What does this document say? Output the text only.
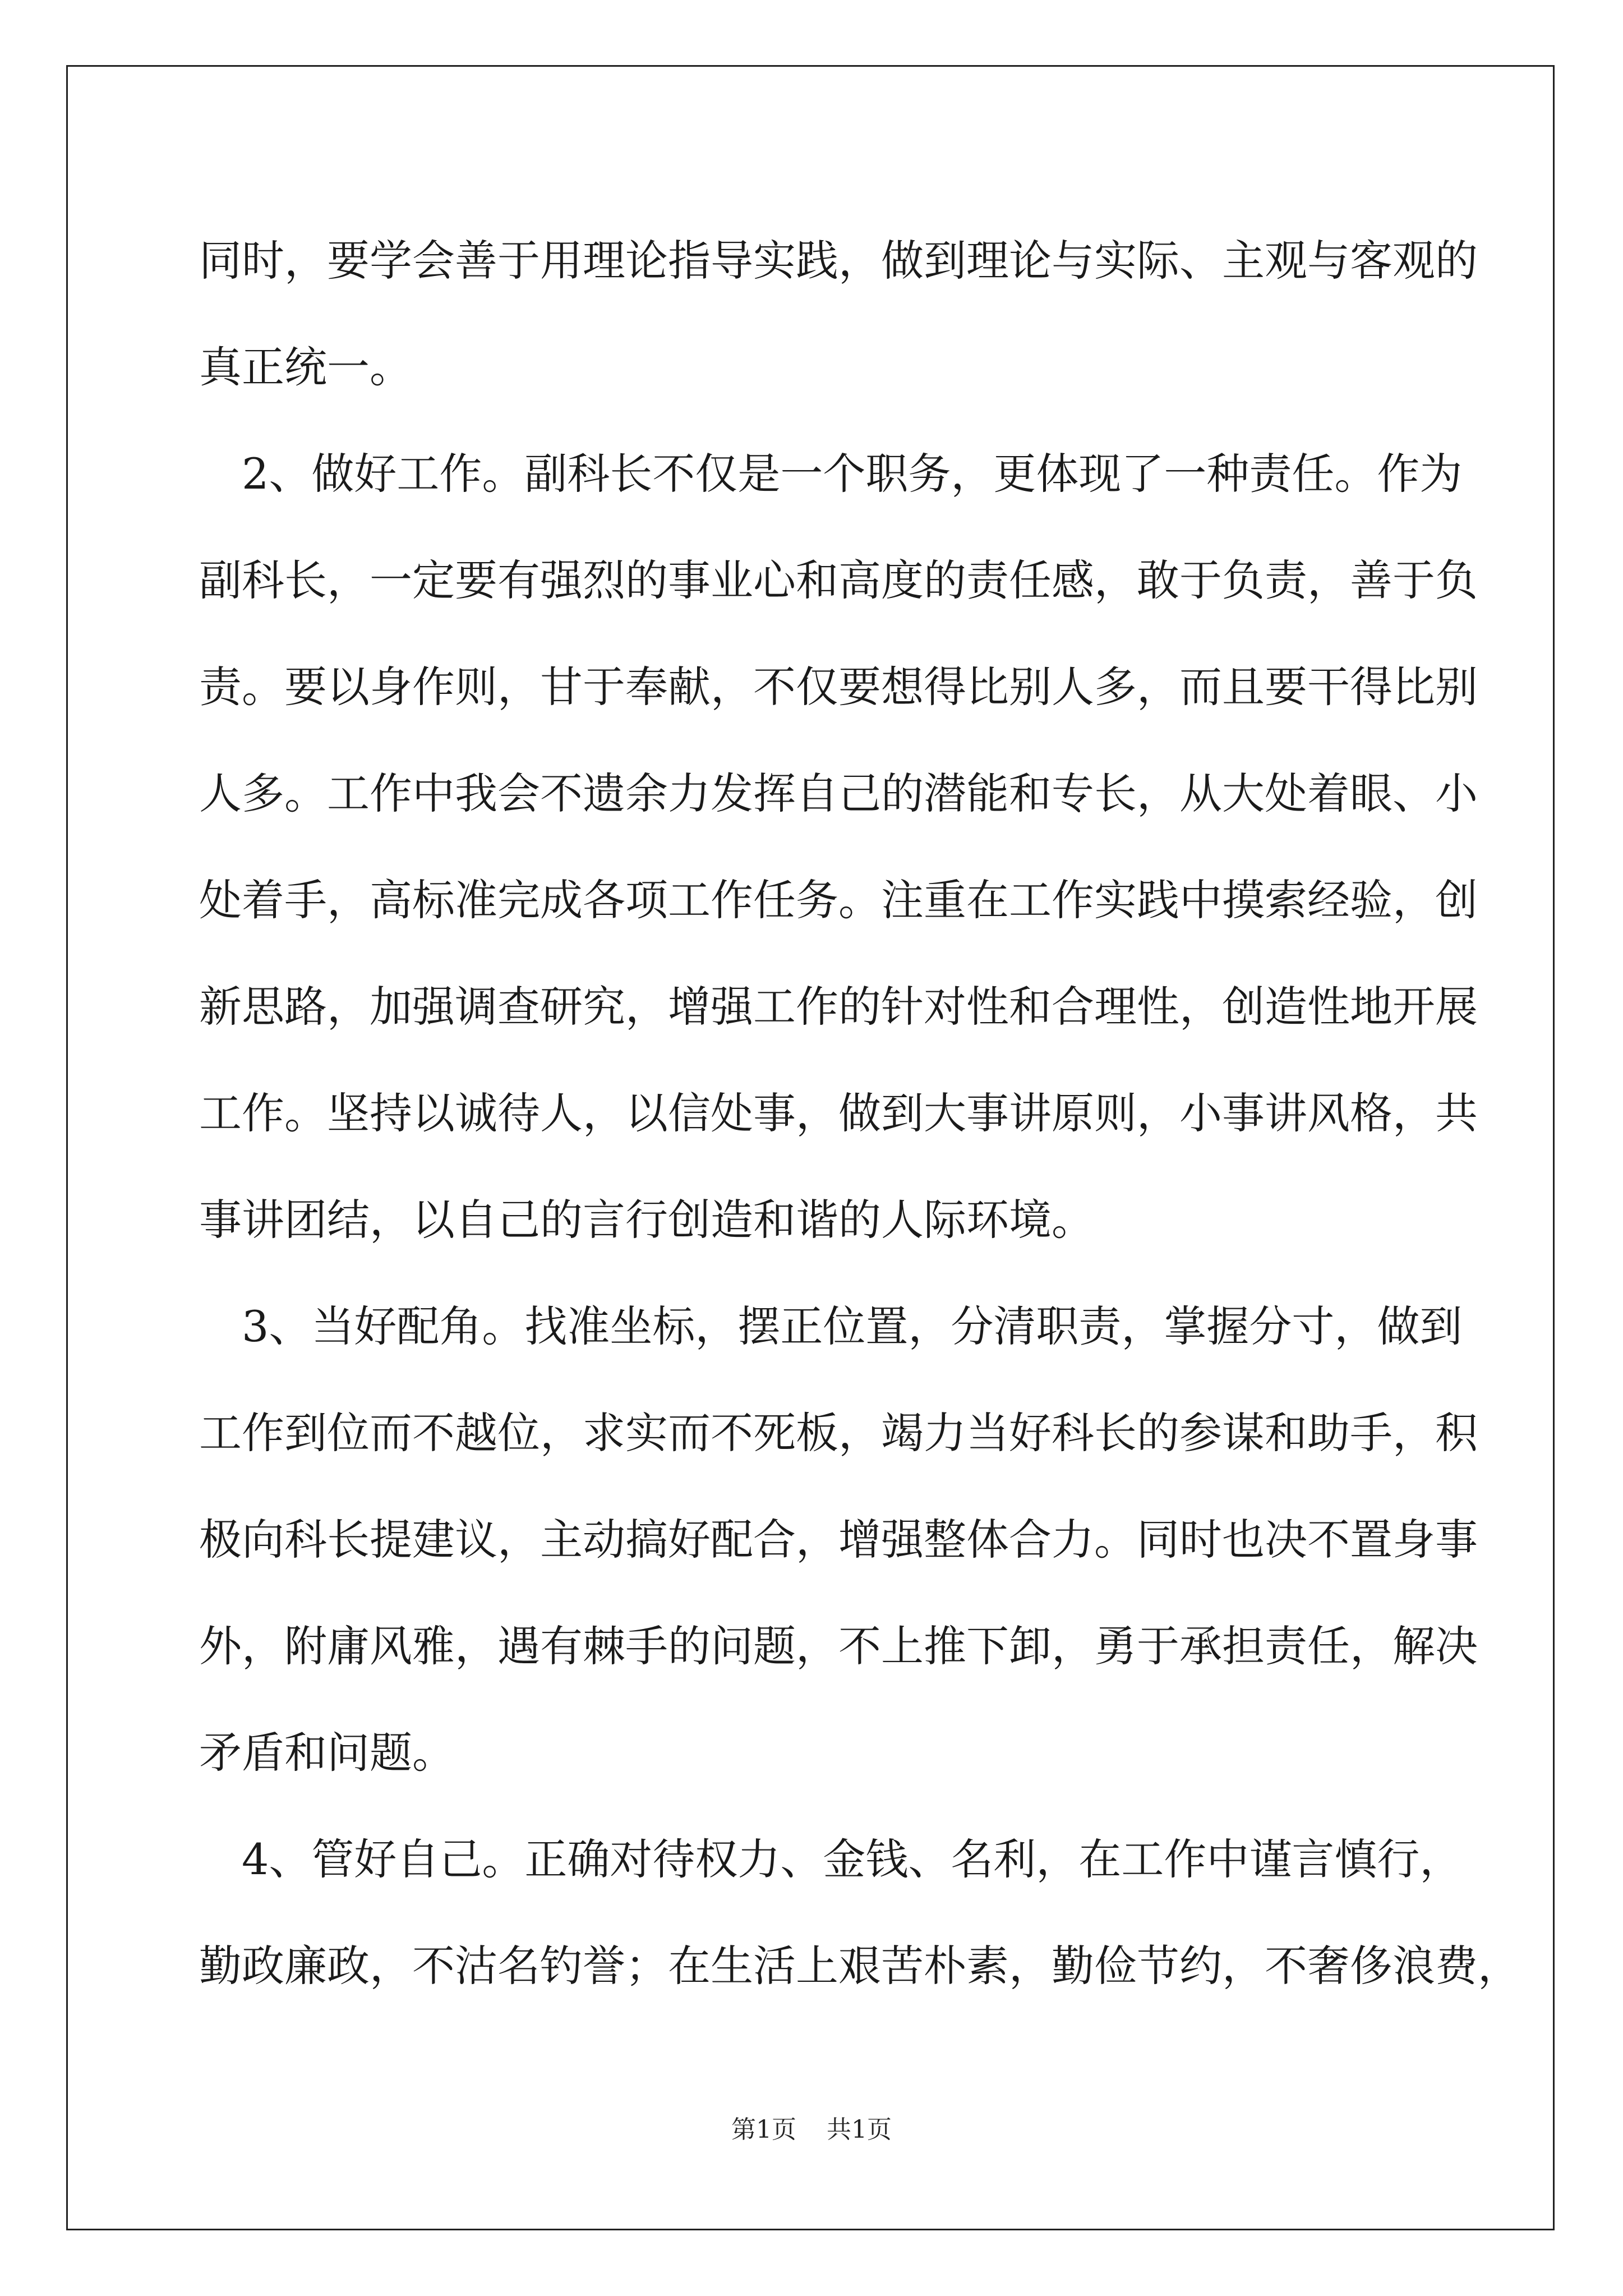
同时，要学会善于用理论指导实践，做到理论与实际、主观与客观的
真正统一。
　2、做好工作。副科长不仅是一个职务，更体现了一种责任。作为
副科长，一定要有强烈的事业心和高度的责任感，敢于负责，善于负
责。要以身作则，甘于奉献，不仅要想得比别人多，而且要干得比别
人多。工作中我会不遗余力发挥自己的潜能和专长，从大处着眼、小
处着手，高标准完成各项工作任务。注重在工作实践中摸索经验，创
新思路，加强调查研究，增强工作的针对性和合理性，创造性地开展
工作。坚持以诚待人，以信处事，做到大事讲原则，小事讲风格，共
事讲团结，以自己的言行创造和谐的人际环境。
　3、当好配角。找准坐标，摆正位置，分清职责，掌握分寸，做到
工作到位而不越位，求实而不死板，竭力当好科长的参谋和助手，积
极向科长提建议，主动搞好配合，增强整体合力。同时也决不置身事
外，附庸风雅，遇有棘手的问题，不上推下卸，勇于承担责任，解决
矛盾和问题。
　4、管好自己。正确对待权力、金钱、名利，在工作中谨言慎行，
勤政廉政，不沽名钓誉；在生活上艰苦朴素，勤俭节约，不奢侈浪费，
第1页 共1页
